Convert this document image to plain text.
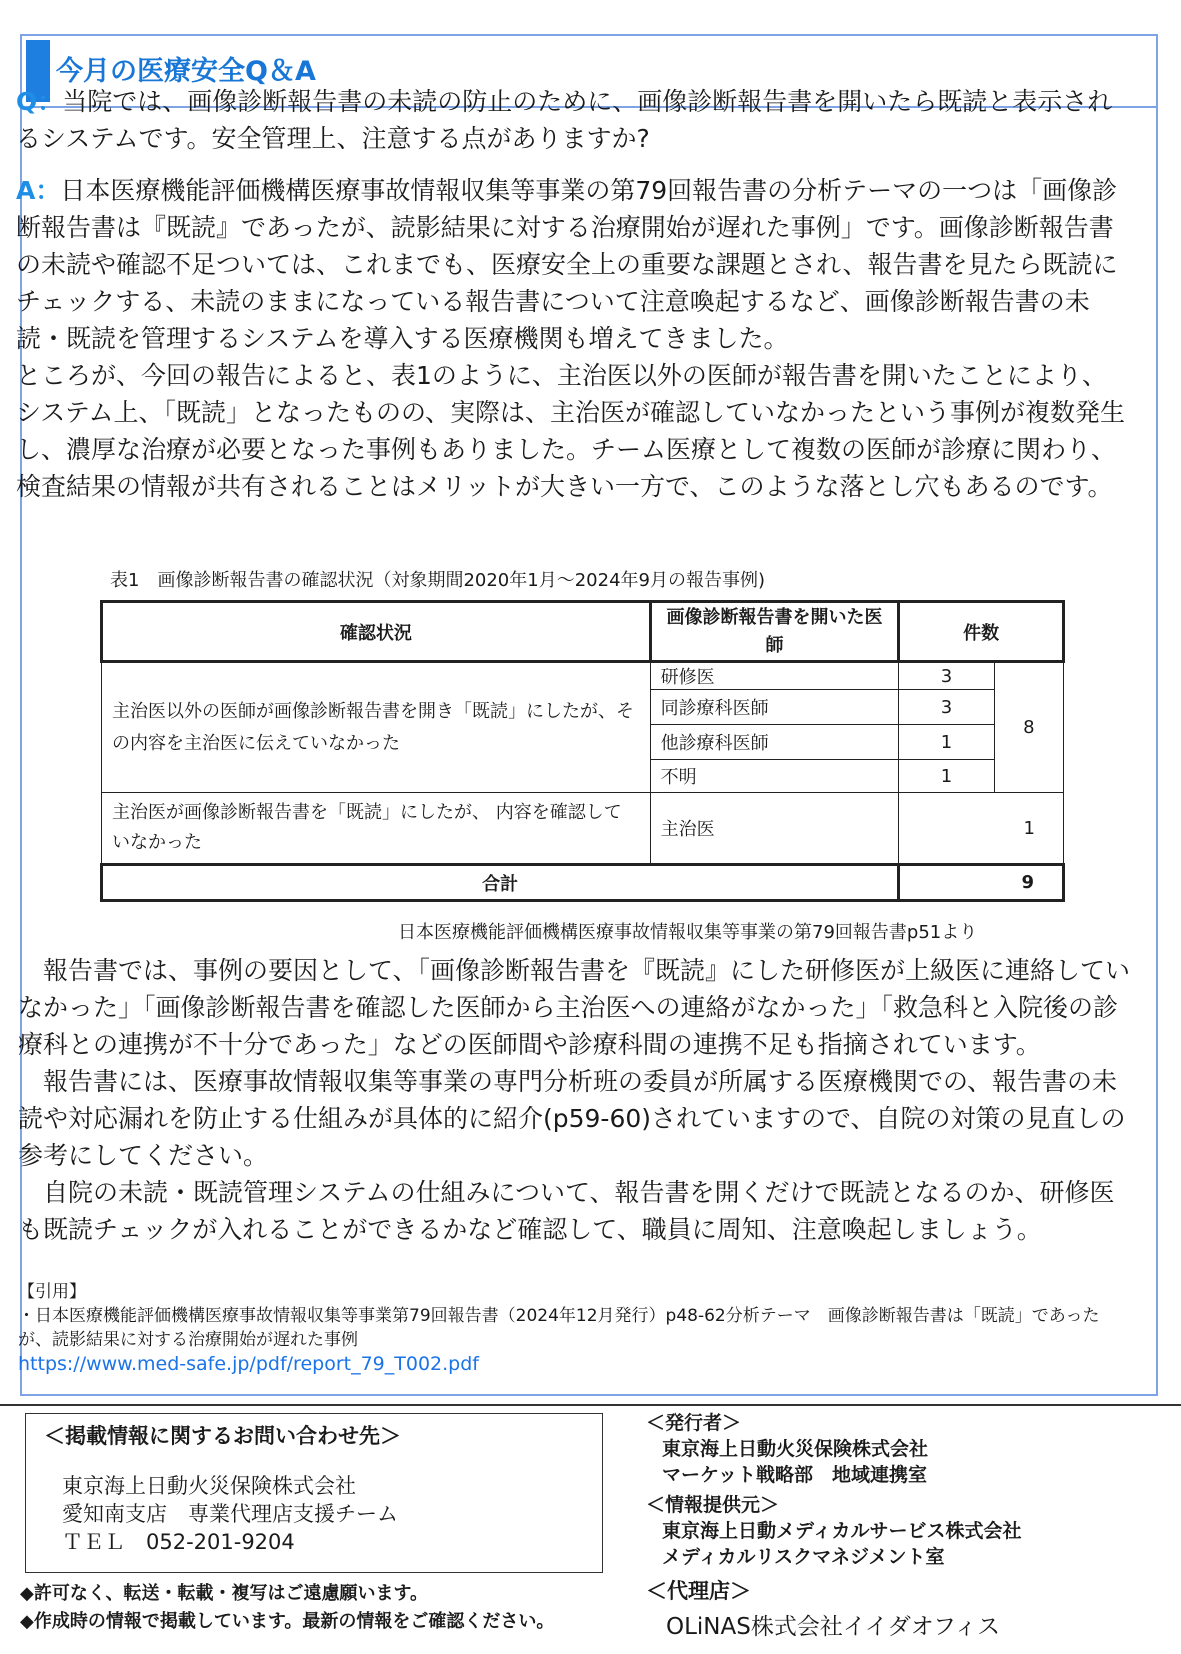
今月の医療安全Q＆A
Q：当院では、画像診断報告書の未読の防止のために、画像診断報告書を開いたら既読と表示されるシステムです。安全管理上、注意する点がありますか?
A：日本医療機能評価機構医療事故情報収集等事業の第79回報告書の分析テーマの一つは「画像診断報告書は『既読』であったが、読影結果に対する治療開始が遅れた事例」です。画像診断報告書の未読や確認不足ついては、これまでも、医療安全上の重要な課題とされ、報告書を見たら既読にチェックする、未読のままになっている報告書について注意喚起するなど、画像診断報告書の未読・既読を管理するシステムを導入する医療機関も増えてきました。
ところが、今回の報告によると、表1のように、主治医以外の医師が報告書を開いたことにより、システム上、「既読」となったものの、実際は、主治医が確認していなかったという事例が複数発生し、濃厚な治療が必要となった事例もありました。チーム医療として複数の医師が診療に関わり、検査結果の情報が共有されることはメリットが大きい一方で、このような落とし穴もあるのです。
表1　画像診断報告書の確認状況（対象期間2020年1月～2024年9月の報告事例)
確認状況	画像診断報告書を開いた医師	件数	
主治医以外の医師が画像診断報告書を開き「既読」にしたが、その内容を主治医に伝えていなかった	研修医	3	8
	同診療科医師	3	
	他診療科医師	1	
	不明	1	
主治医が画像診断報告書を「既読」にしたが、 内容を確認していなかった	主治医	1	
合計		9	
日本医療機能評価機構医療事故情報収集等事業の第79回報告書p51より

報告書では、事例の要因として、「画像診断報告書を『既読』にした研修医が上級医に連絡していなかった」「画像診断報告書を確認した医師から主治医への連絡がなかった」「救急科と入院後の診療科との連携が不十分であった」などの医師間や診療科間の連携不足も指摘されています。

報告書には、医療事故情報収集等事業の専門分析班の委員が所属する医療機関での、報告書の未読や対応漏れを防止する仕組みが具体的に紹介(p59-60)されていますので、自院の対策の見直しの参考にしてください。

自院の未読・既読管理システムの仕組みについて、報告書を開くだけで既読となるのか、研修医も既読チェックが入れることができるかなど確認して、職員に周知、注意喚起しましょう。

【引用】
・日本医療機能評価機構医療事故情報収集等事業第79回報告書（2024年12月発行）p48-62分析テーマ　画像診断報告書は「既読」であったが、読影結果に対する治療開始が遅れた事例
https://www.med-safe.jp/pdf/report_79_T002.pdf
＜掲載情報に関するお問い合わせ先＞
東京海上日動火災保険株式会社
愛知南支店　専業代理店支援チーム
ＴＥＬ　052-201-9204
◆許可なく、転送・転載・複写はご遠慮願います。
◆作成時の情報で掲載しています。最新の情報をご確認ください。
＜発行者＞
東京海上日動火災保険株式会社
マーケット戦略部　地域連携室
＜情報提供元＞
東京海上日動メディカルサービス株式会社
メディカルリスクマネジメント室
＜代理店＞
OLiNAS株式会社イイダオフィス
